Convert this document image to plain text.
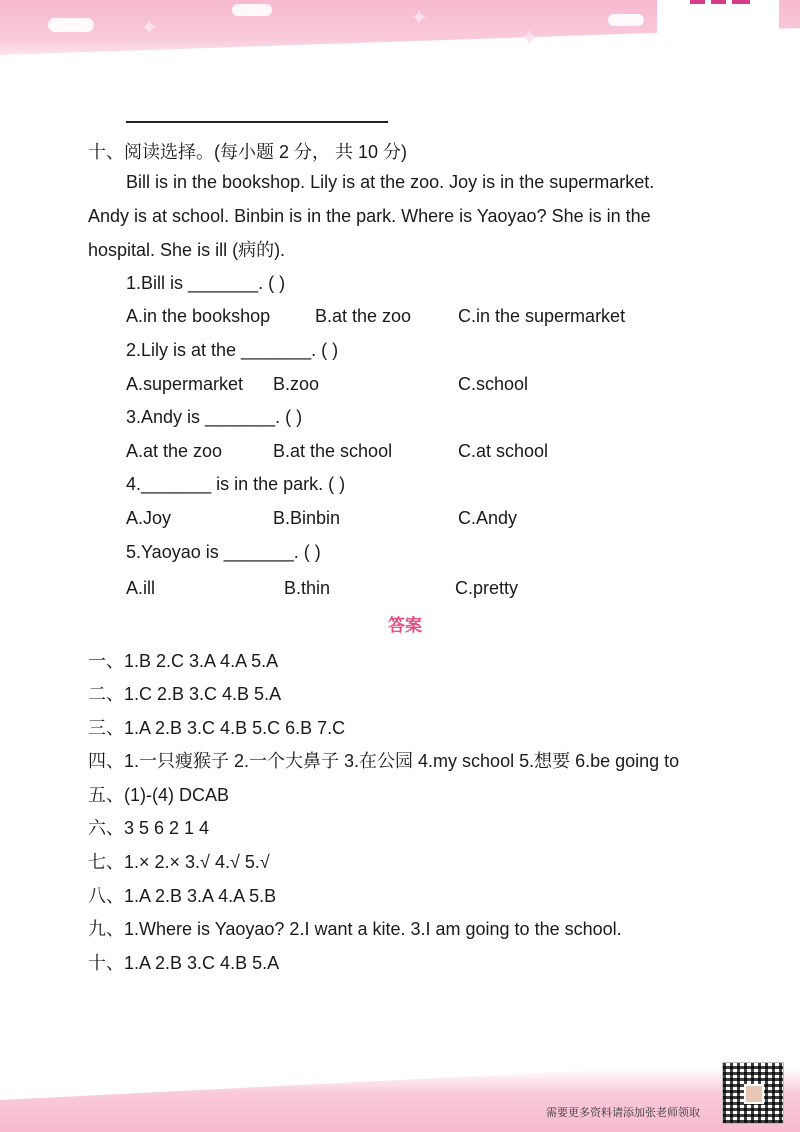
✦	✦
✦
十、阅读选择。(每小题 2 分， 共 10 分)
Bill is in the bookshop. Lily is at the zoo. Joy is in the supermarket.
Andy is at school. Binbin is in the park. Where is Yaoyao? She is in the
hospital. She is ill (病的).
1.Bill is _______. ( )
A.in the bookshop B.at the zoo	C.in the supermarket
2.Lily is at the _______. ( )
A.supermarket B.zoo	C.school
3.Andy is _______. ( )
A.at the zoo	B.at the school	C.at school
4._______ is in the park. ( )
A.Joy	B.Binbin	C.Andy
5.Yaoyao is _______. ( )
A.ill	B.thin	C.pretty
答案
一、1.B 2.C 3.A 4.A 5.A
二、1.C 2.B 3.C 4.B 5.A
三、1.A 2.B 3.C 4.B 5.C 6.B 7.C
四、1.一只瘦猴子 2.一个大鼻子 3.在公园 4.my school 5.想要 6.be going to
五、(1)-(4) DCAB
六、3 5 6 2 1 4
七、1.× 2.× 3.√ 4.√ 5.√
八、1.A 2.B 3.A 4.A 5.B
九、1.Where is Yaoyao? 2.I want a kite. 3.I am going to the school.
十、1.A 2.B 3.C 4.B 5.A
需要更多资料请添加张老师领取
